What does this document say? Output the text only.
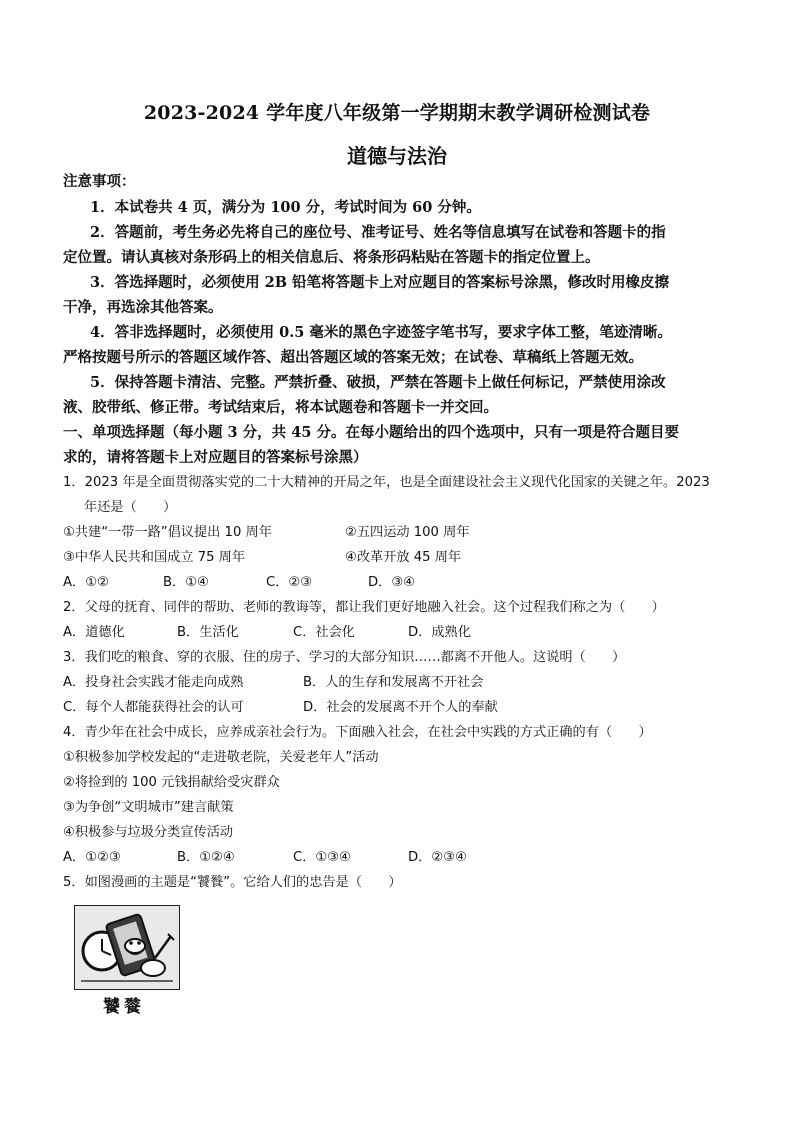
2023-2024 学年度八年级第一学期期末教学调研检测试卷
道德与法治
注意事项：
1．本试卷共 4 页，满分为 100 分，考试时间为 60 分钟。
2．答题前，考生务必先将自己的座位号、准考证号、姓名等信息填写在试卷和答题卡的指
定位置。请认真核对条形码上的相关信息后、将条形码粘贴在答题卡的指定位置上。
3．答选择题时，必须使用 2B 铅笔将答题卡上对应题目的答案标号涂黑，修改时用橡皮擦
干净，再选涂其他答案。
4．答非选择题时，必须使用 0.5 毫米的黑色字迹签字笔书写，要求字体工整，笔迹清晰。
严格按题号所示的答题区域作答、超出答题区域的答案无效；在试卷、草稿纸上答题无效。
5．保持答题卡清洁、完整。严禁折叠、破损，严禁在答题卡上做任何标记，严禁使用涂改
液、胶带纸、修正带。考试结束后，将本试题卷和答题卡一并交回。
一、单项选择题（每小题 3 分，共 45 分。在每小题给出的四个选项中，只有一项是符合题目要
求的，请将答题卡上对应题目的答案标号涂黑）
1．2023 年是全面贯彻落实党的二十大精神的开局之年，也是全面建设社会主义现代化国家的关键之年。2023
年还是（　　）
①共建“一带一路”倡议提出 10 周年	②五四运动 100 周年
③中华人民共和国成立 75 周年	④改革开放 45 周年
A．①②	B．①④	C．②③	D．③④
2．父母的抚育、同伴的帮助、老师的教诲等，都让我们更好地融入社会。这个过程我们称之为（　　）
A．道德化	B．生活化	C．社会化	D．成熟化
3．我们吃的粮食、穿的衣服、住的房子、学习的大部分知识……都离不开他人。这说明（　　）
A．投身社会实践才能走向成熟	B．人的生存和发展离不开社会
C．每个人都能获得社会的认可	D．社会的发展离不开个人的奉献
4．青少年在社会中成长，应养成亲社会行为。下面融入社会，在社会中实践的方式正确的有（　　）
①积极参加学校发起的“走进敬老院，关爱老年人”活动
②将捡到的 100 元钱捐献给受灾群众
③为争创“文明城市”建言献策
④积极参与垃圾分类宣传活动
A．①②③	B．①②④	C．①③④	D．②③④
5．如图漫画的主题是“饕餮”。它给人们的忠告是（　　）
饕餮
